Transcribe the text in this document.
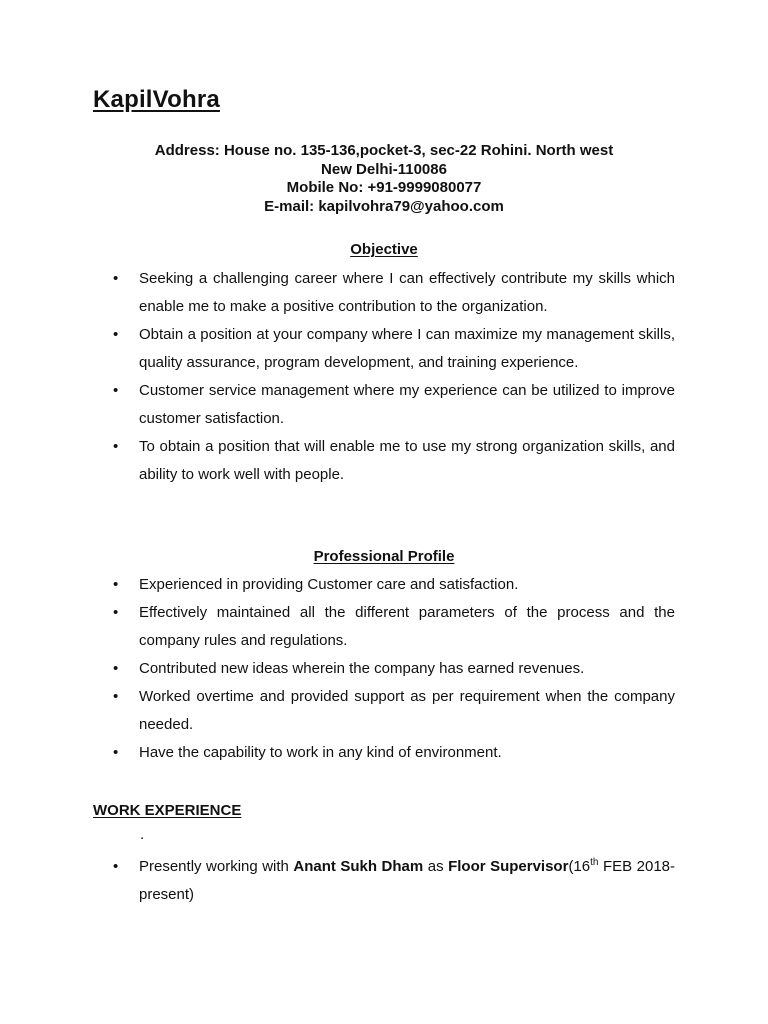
KapilVohra
Address: House no. 135-136,pocket-3, sec-22 Rohini. North west
New Delhi-110086
Mobile No: +91-9999080077
E-mail: kapilvohra79@yahoo.com
Objective
• Seeking a challenging career where I can effectively contribute my skills which enable me to make a positive contribution to the organization.
• Obtain a position at your company where I can maximize my management skills, quality assurance, program development, and training experience.
• Customer service management where my experience can be utilized to improve customer satisfaction.
• To obtain a position that will enable me to use my strong organization skills, and ability to work well with people.
Professional Profile
• Experienced in providing Customer care and satisfaction.
• Effectively maintained all the different parameters of the process and the company rules and regulations.
• Contributed new ideas wherein the company has earned revenues.
• Worked overtime and provided support as per requirement when the company needed.
• Have the capability to work in any kind of environment.
WORK EXPERIENCE
.
• Presently working with Anant Sukh Dham as Floor Supervisor(16th FEB 2018-present)
